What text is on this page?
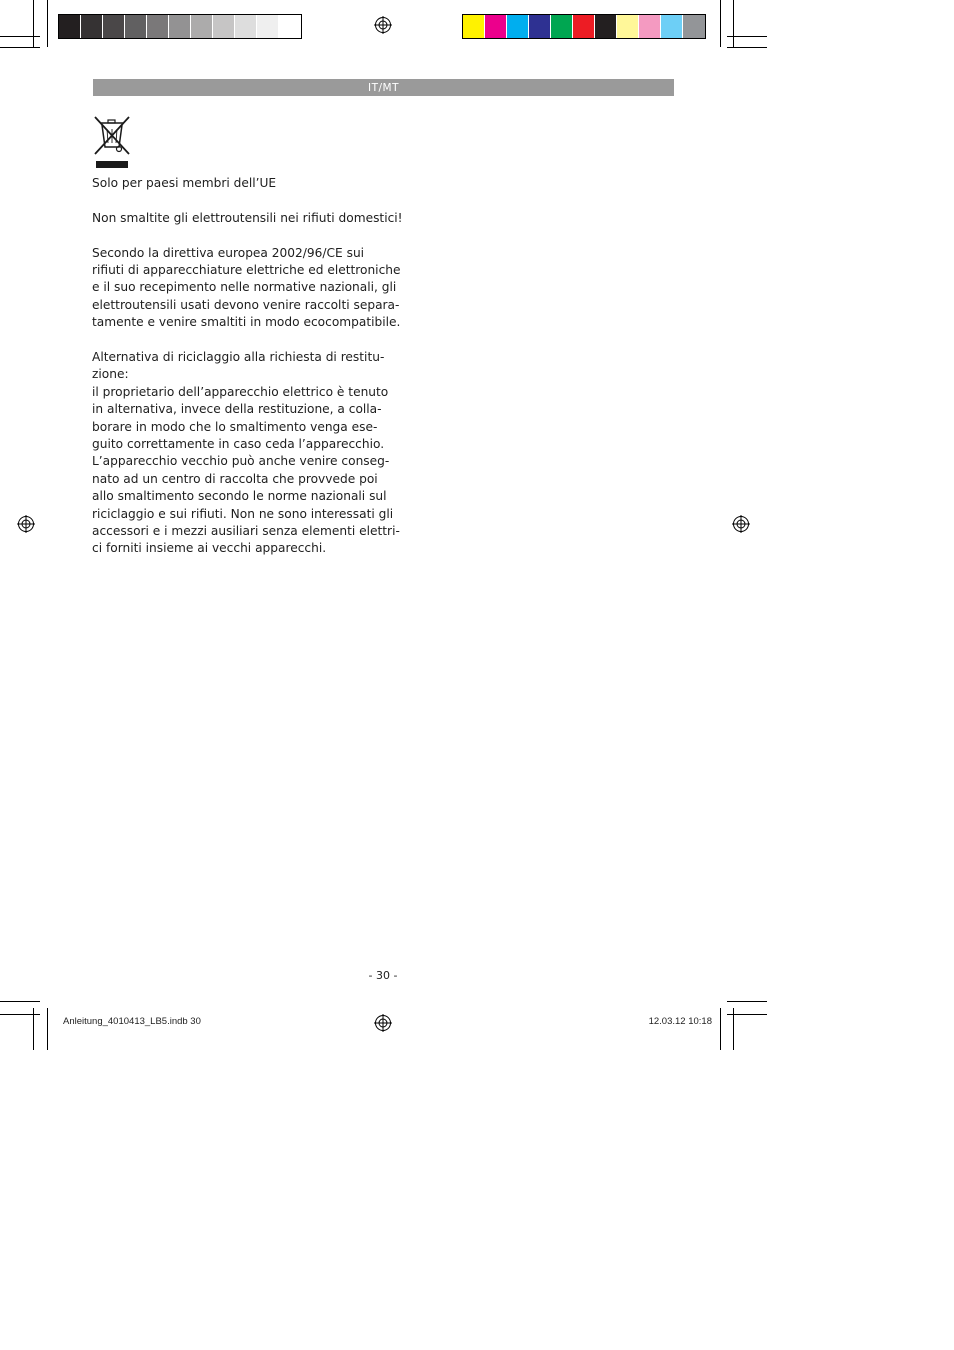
IT/MT

Solo per paesi membri dell’UE

Non smaltite gli elettroutensili nei rifiuti domestici!

Secondo la direttiva europea 2002/96/CE sui
rifiuti di apparecchiature elettriche ed elettroniche
e il suo recepimento nelle normative nazionali, gli
elettroutensili usati devono venire raccolti separa-
tamente e venire smaltiti in modo ecocompatibile.

Alternativa di riciclaggio alla richiesta di restitu-
zione:
il proprietario dell’apparecchio elettrico è tenuto
in alternativa, invece della restituzione, a colla-
borare in modo che lo smaltimento venga ese-
guito correttamente in caso ceda l’apparecchio.
L’apparecchio vecchio può anche venire conseg-
nato ad un centro di raccolta che provvede poi
allo smaltimento secondo le norme nazionali sul
riciclaggio e sui rifiuti. Non ne sono interessati gli
accessori e i mezzi ausiliari senza elementi elettri-
ci forniti insieme ai vecchi apparecchi.

- 30 -
Anleitung_4010413_LB5.indb 30	12.03.12 10:18
